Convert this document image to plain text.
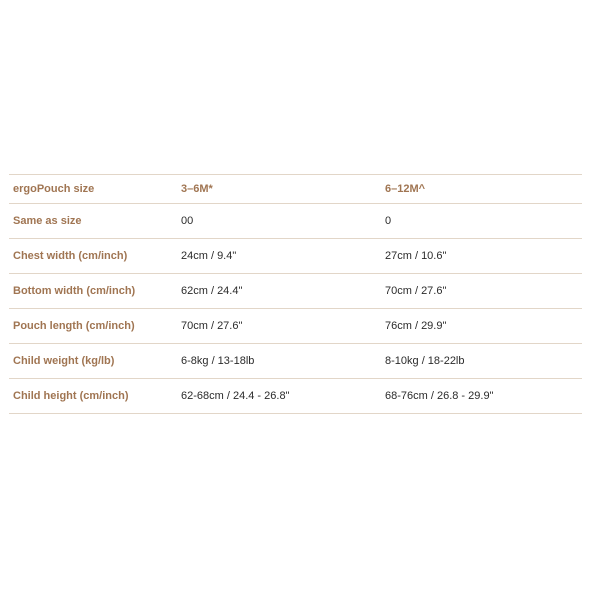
ergoPouch size	3–6M*	6–12M^
Same as size	00	0
Chest width (cm/inch)	24cm / 9.4"	27cm / 10.6"
Bottom width (cm/inch)	62cm / 24.4"	70cm / 27.6"
Pouch length (cm/inch)	70cm / 27.6"	76cm / 29.9"
Child weight (kg/lb)	6-8kg / 13-18lb	8-10kg / 18-22lb
Child height (cm/inch)	62-68cm / 24.4 - 26.8"	68-76cm / 26.8 - 29.9"
